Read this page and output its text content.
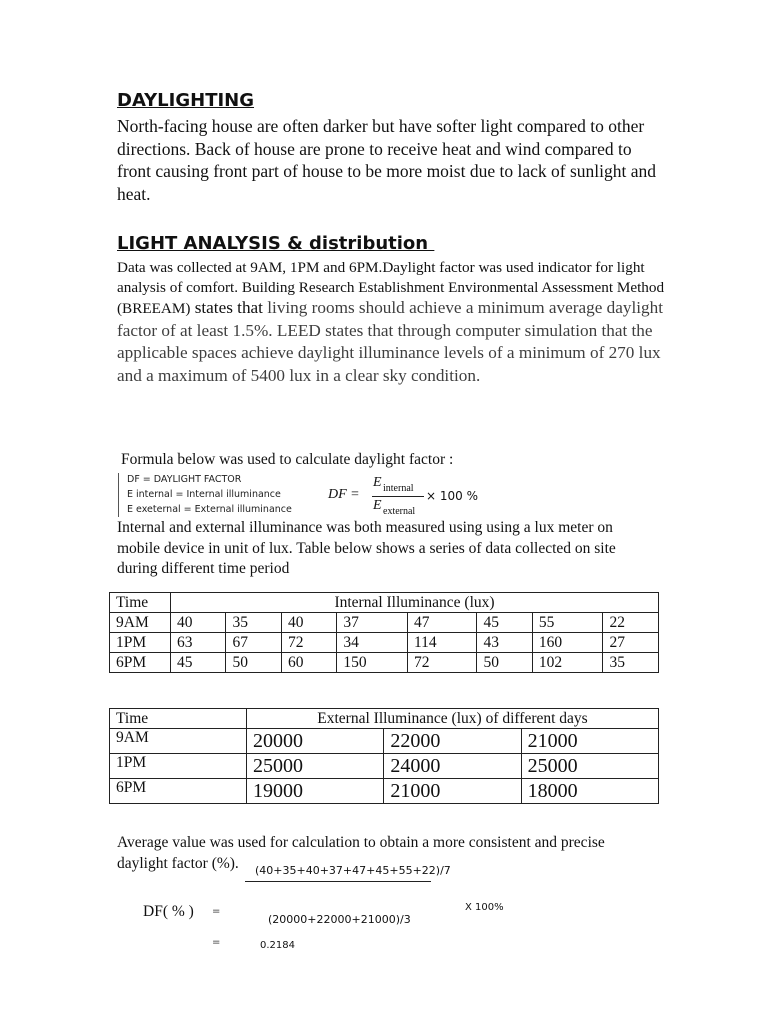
DAYLIGHTING
North-facing house are often darker but have softer light compared to other directions. Back of house are prone to receive heat and wind compared to front causing front part of house to be more moist due to lack of sunlight and heat.
LIGHT ANALYSIS & distribution
Data was collected at 9AM, 1PM and 6PM.Daylight factor was used indicator for light analysis of comfort. Building Research Establishment Environmental Assessment Method (BREEAM) states that living rooms should achieve a minimum average daylight factor of at least 1.5%. LEED states that through computer simulation that the applicable spaces achieve daylight illuminance levels of a minimum of 270 lux and a maximum of 5400 lux in a clear sky condition.
Formula below was used to calculate daylight factor :
DF = DAYLIGHT FACTOR
E internal = Internal illuminance
E exeternal = External illuminance
DF =
E internal
E external
× 100 %
Internal and external illuminance was both measured using using a lux meter on mobile device in unit of lux. Table below shows a series of data collected on site during different time period
Time	Internal Illuminance (lux)							
9AM	40	35	40	37	47	45	55	22
1PM	63	67	72	34	114	43	160	27
6PM	45	50	60	150	72	50	102	35
Time	External Illuminance (lux) of different days		
9AM	20000	22000	21000
1PM	25000	24000	25000
6PM	19000	21000	18000
Average value was used for calculation to obtain a more consistent and precise daylight factor (%).
DF( % ) =
(40+35+40+37+47+45+55+22)/7
(20000+22000+21000)/3
X 100%
=	0.2184
